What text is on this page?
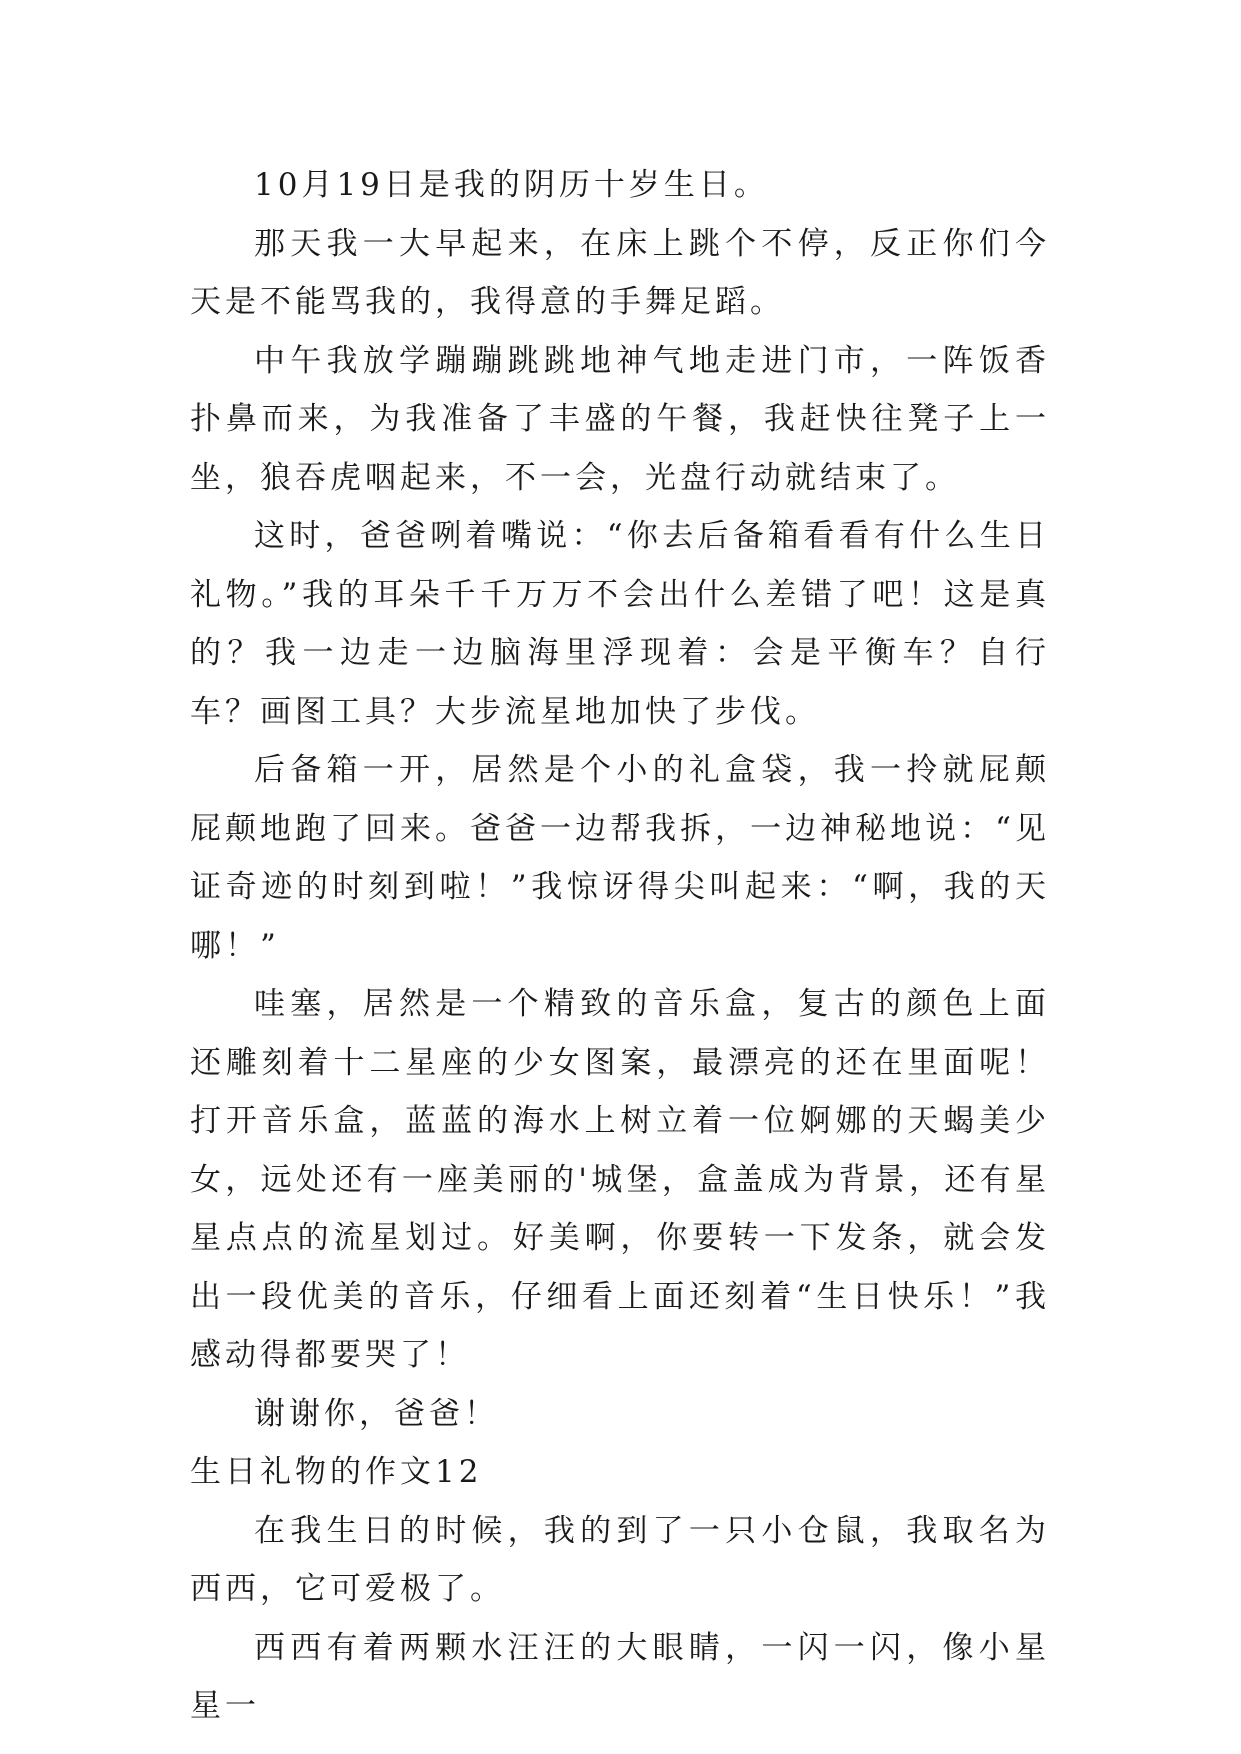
10月19日是我的阴历十岁生日。

那天我一大早起来，在床上跳个不停，反正你们今天是不能骂我的，我得意的手舞足蹈。

中午我放学蹦蹦跳跳地神气地走进门市，一阵饭香扑鼻而来，为我准备了丰盛的午餐，我赶快往凳子上一坐，狼吞虎咽起来，不一会，光盘行动就结束了。

这时，爸爸咧着嘴说：“你去后备箱看看有什么生日礼物。”我的耳朵千千万万不会出什么差错了吧！这是真的？我一边走一边脑海里浮现着：会是平衡车？自行车？画图工具？大步流星地加快了步伐。

后备箱一开，居然是个小的礼盒袋，我一拎就屁颠屁颠地跑了回来。爸爸一边帮我拆，一边神秘地说：“见证奇迹的时刻到啦！”我惊讶得尖叫起来：“啊，我的天哪！”

哇塞，居然是一个精致的音乐盒，复古的颜色上面还雕刻着十二星座的少女图案，最漂亮的还在里面呢！打开音乐盒，蓝蓝的海水上树立着一位婀娜的天蝎美少女，远处还有一座美丽的'城堡，盒盖成为背景，还有星星点点的流星划过。好美啊，你要转一下发条，就会发出一段优美的音乐，仔细看上面还刻着“生日快乐！”我感动得都要哭了！

谢谢你，爸爸！

生日礼物的作文12

在我生日的时候，我的到了一只小仓鼠，我取名为西西，它可爱极了。

西西有着两颗水汪汪的大眼睛，一闪一闪，像小星星一
